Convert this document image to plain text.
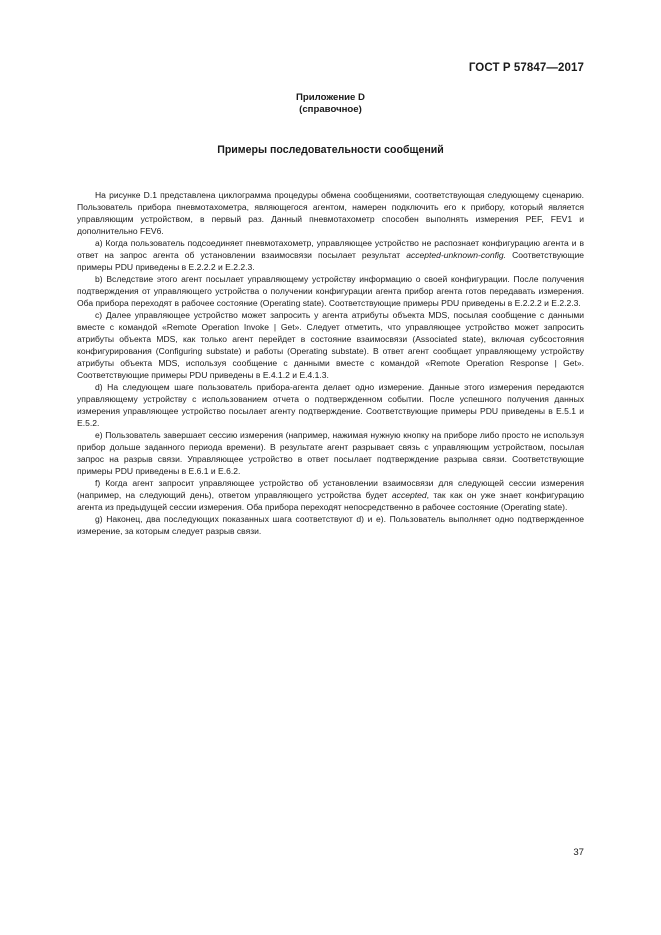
ГОСТ Р 57847—2017
Приложение D
(справочное)
Примеры последовательности сообщений

На рисунке D.1 представлена циклограмма процедуры обмена сообщениями, соответствующая следующему сценарию. Пользователь прибора пневмотахометра, являющегося агентом, намерен подключить его к прибору, который является управляющим устройством, в первый раз. Данный пневмотахометр способен выполнять измерения PEF, FEV1 и дополнительно FEV6.

a) Когда пользователь подсоединяет пневмотахометр, управляющее устройство не распознает конфигурацию агента и в ответ на запрос агента об установлении взаимосвязи посылает результат accepted-unknown-config. Соответствующие примеры PDU приведены в E.2.2.2 и E.2.2.3.

b) Вследствие этого агент посылает управляющему устройству информацию о своей конфигурации. После получения подтверждения от управляющего устройства о получении конфигурации агента прибор агента готов передавать измерения. Оба прибора переходят в рабочее состояние (Operating state). Соответствующие примеры PDU приведены в E.2.2.2 и E.2.2.3.

c) Далее управляющее устройство может запросить у агента атрибуты объекта MDS, посылая сообщение с данными вместе с командой «Remote Operation Invoke | Get». Следует отметить, что управляющее устройство может запросить атрибуты объекта MDS, как только агент перейдет в состояние взаимосвязи (Associated state), включая субсостояния конфигурирования (Configuring substate) и работы (Operating substate). В ответ агент сообщает управляющему устройству атрибуты объекта MDS, используя сообщение с данными вместе с командой «Remote Operation Response | Get». Соответствующие примеры PDU приведены в E.4.1.2 и E.4.1.3.

d) На следующем шаге пользователь прибора-агента делает одно измерение. Данные этого измерения передаются управляющему устройству с использованием отчета о подтвержденном событии. После успешного получения данных измерения управляющее устройство посылает агенту подтверждение. Соответствующие примеры PDU приведены в E.5.1 и E.5.2.

e) Пользователь завершает сессию измерения (например, нажимая нужную кнопку на приборе либо просто не используя прибор дольше заданного периода времени). В результате агент разрывает связь с управляющим устройством, посылая запрос на разрыв связи. Управляющее устройство в ответ посылает подтверждение разрыва связи. Соответствующие примеры PDU приведены в E.6.1 и E.6.2.

f) Когда агент запросит управляющее устройство об установлении взаимосвязи для следующей сессии измерения (например, на следующий день), ответом управляющего устройства будет accepted, так как он уже знает конфигурацию агента из предыдущей сессии измерения. Оба прибора переходят непосредственно в рабочее состояние (Operating state).

g) Наконец, два последующих показанных шага соответствуют d) и e). Пользователь выполняет одно подтвержденное измерение, за которым следует разрыв связи.

37
